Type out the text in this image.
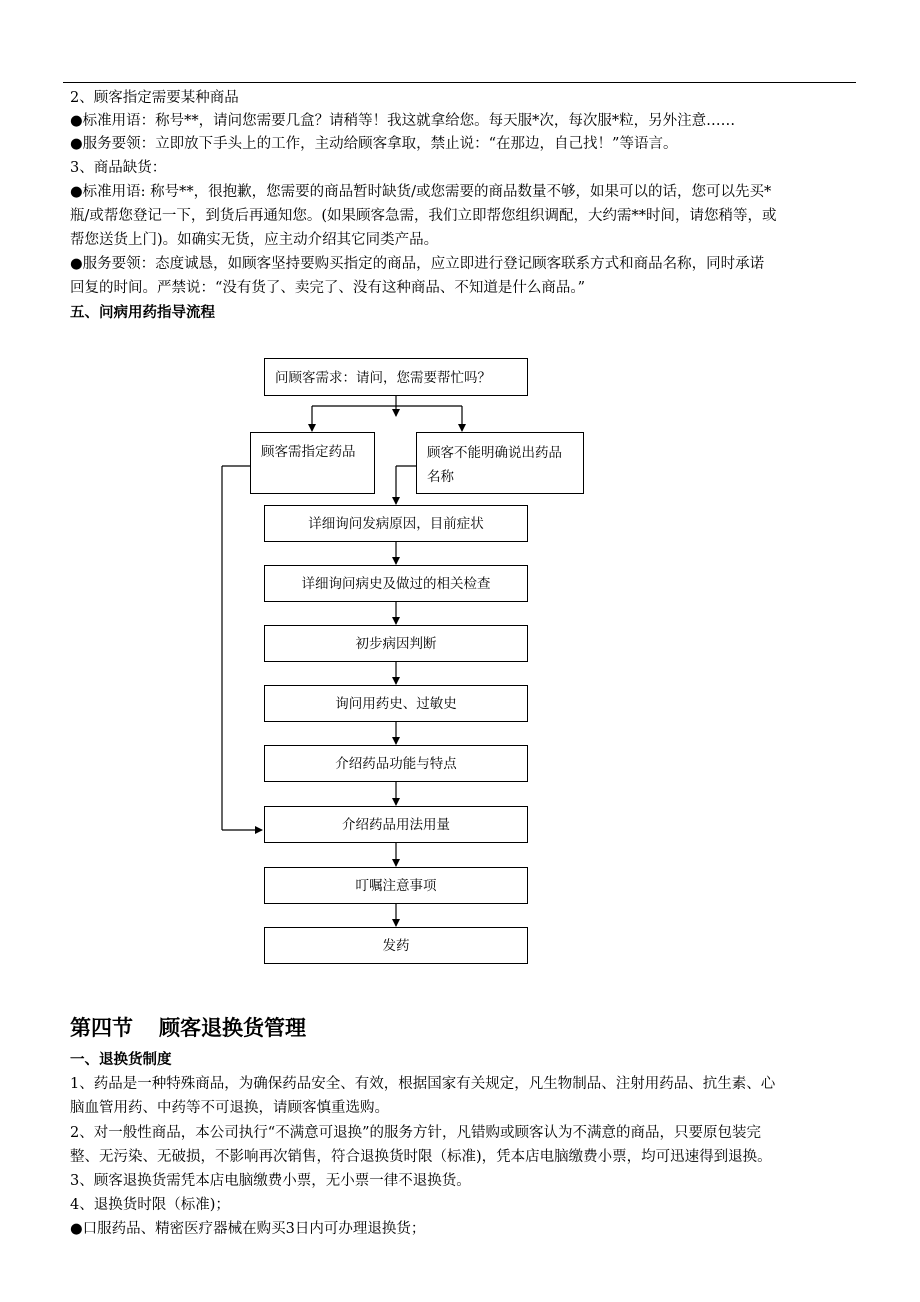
2、顾客指定需要某种商品

●标准用语：称号**，请问您需要几盒？请稍等！我这就拿给您。每天服*次，每次服*粒，另外注意……

●服务要领：立即放下手头上的工作，主动给顾客拿取，禁止说：“在那边，自己找！”等语言。

3、商品缺货：

●标准用语: 称号**，很抱歉，您需要的商品暂时缺货/或您需要的商品数量不够，如果可以的话，您可以先买*

瓶/或帮您登记一下，到货后再通知您。(如果顾客急需，我们立即帮您组织调配，大约需**时间，请您稍等，或

帮您送货上门)。如确实无货，应主动介绍其它同类产品。

●服务要领：态度诚恳，如顾客坚持要购买指定的商品，应立即进行登记顾客联系方式和商品名称，同时承诺

回复的时间。严禁说：“没有货了、卖完了、没有这种商品、不知道是什么商品。”

五、问病用药指导流程

问顾客需求：请问，您需要帮忙吗？
顾客需指定药品	顾客不能明确说出药品名称
详细询问发病原因，目前症状
详细询问病史及做过的相关检查
初步病因判断
询问用药史、过敏史
介绍药品功能与特点
介绍药品用法用量
叮嘱注意事项
发药
第四节 顾客退换货管理

一、退换货制度

1、药品是一种特殊商品，为确保药品安全、有效，根据国家有关规定，凡生物制品、注射用药品、抗生素、心

脑血管用药、中药等不可退换，请顾客慎重选购。

2、对一般性商品，本公司执行“不满意可退换”的服务方针，凡错购或顾客认为不满意的商品，只要原包装完

整、无污染、无破损，不影响再次销售，符合退换货时限（标准)，凭本店电脑缴费小票，均可迅速得到退换。

3、顾客退换货需凭本店电脑缴费小票，无小票一律不退换货。

4、退换货时限（标准)；

●口服药品、精密医疗器械在购买3日内可办理退换货；
